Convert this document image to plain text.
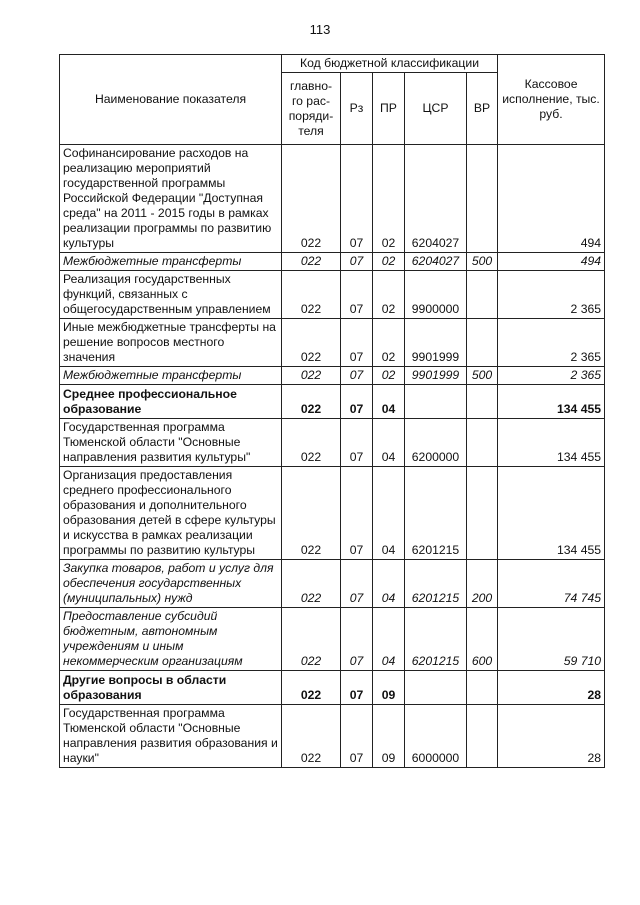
113
Наименование показателя	Код бюджетной классификации					Кассовое исполнение, тыс. руб.
	главно-го рас-поряди-теля	Рз	ПР	ЦСР	ВР	
Софинансирование расходов на реализацию мероприятий государственной программы Российской Федерации "Доступная среда" на 2011 - 2015 годы в рамках реализации программы по развитию культуры	022	07	02	6204027		494
Межбюджетные трансферты	022	07	02	6204027	500	494
Реализация государственных функций, связанных с общегосударственным управлением	022	07	02	9900000		2 365
Иные межбюджетные трансферты на решение вопросов местного значения	022	07	02	9901999		2 365
Межбюджетные трансферты	022	07	02	9901999	500	2 365
Среднее профессиональное образование	022	07	04			134 455
Государственная программа Тюменской области "Основные направления развития культуры"	022	07	04	6200000		134 455
Организация предоставления среднего профессионального образования и дополнительного образования детей в сфере культуры и искусства в рамках реализации программы по развитию культуры	022	07	04	6201215		134 455
Закупка товаров, работ и услуг для обеспечения государственных (муниципальных) нужд	022	07	04	6201215	200	74 745
Предоставление субсидий бюджетным, автономным учреждениям и иным некоммерческим организациям	022	07	04	6201215	600	59 710
Другие вопросы в области образования	022	07	09			28
Государственная программа Тюменской области "Основные направления развития образования и науки"	022	07	09	6000000		28
